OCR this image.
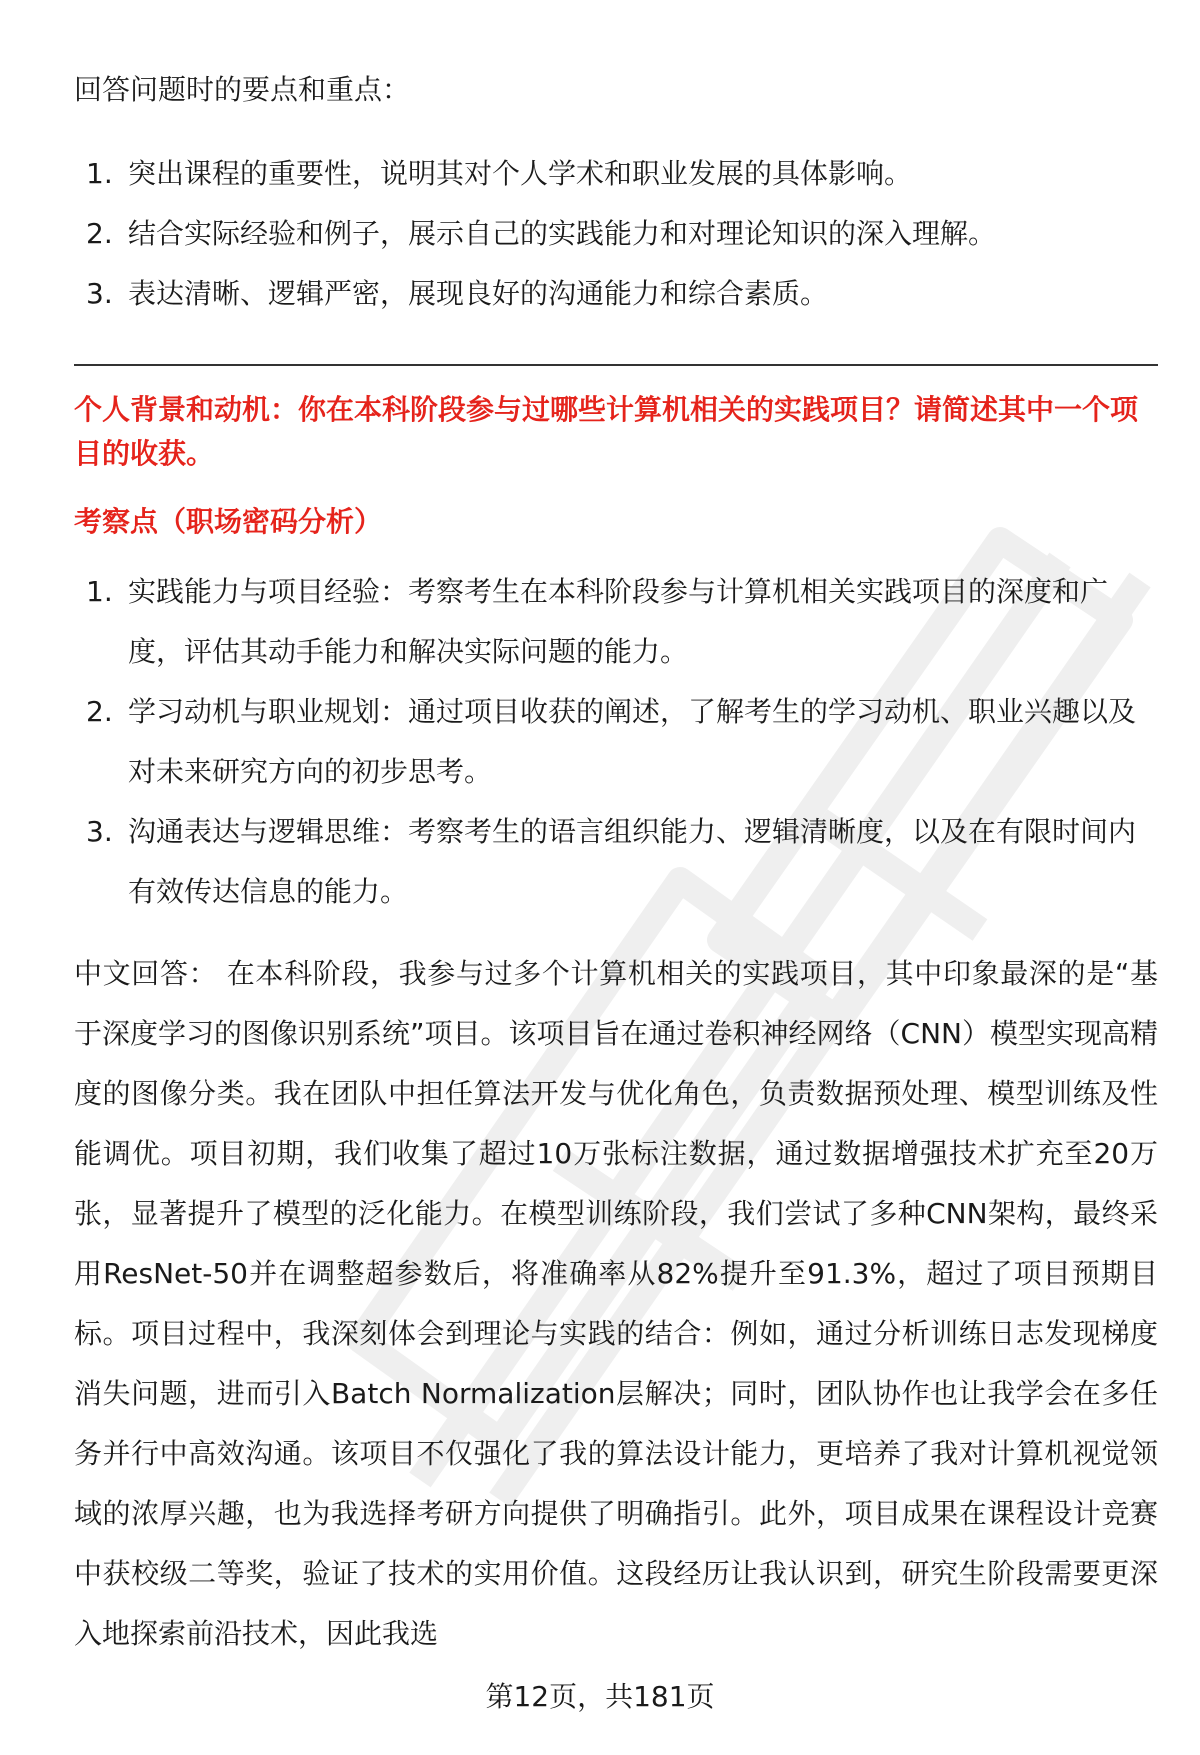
回答问题时的要点和重点：

1. 突出课程的重要性，说明其对个人学术和职业发展的具体影响。
2. 结合实际经验和例子，展示自己的实践能力和对理论知识的深入理解。
3. 表达清晰、逻辑严密，展现良好的沟通能力和综合素质。

个人背景和动机：你在本科阶段参与过哪些计算机相关的实践项目？请简述其中一个项目的收获。

考察点（职场密码分析）

1. 实践能力与项目经验：考察考生在本科阶段参与计算机相关实践项目的深度和广度，评估其动手能力和解决实际问题的能力。
2. 学习动机与职业规划：通过项目收获的阐述，了解考生的学习动机、职业兴趣以及对未来研究方向的初步思考。
3. 沟通表达与逻辑思维：考察考生的语言组织能力、逻辑清晰度，以及在有限时间内有效传达信息的能力。

中文回答： 在本科阶段，我参与过多个计算机相关的实践项目，其中印象最深的是“基于深度学习的图像识别系统”项目。该项目旨在通过卷积神经网络（CNN）模型实现高精度的图像分类。我在团队中担任算法开发与优化角色，负责数据预处理、模型训练及性能调优。项目初期，我们收集了超过10万张标注数据，通过数据增强技术扩充至20万张，显著提升了模型的泛化能力。在模型训练阶段，我们尝试了多种CNN架构，最终采用ResNet-50并在调整超参数后，将准确率从82%提升至91.3%，超过了项目预期目标。项目过程中，我深刻体会到理论与实践的结合：例如，通过分析训练日志发现梯度消失问题，进而引入Batch Normalization层解决；同时，团队协作也让我学会在多任务并行中高效沟通。该项目不仅强化了我的算法设计能力，更培养了我对计算机视觉领域的浓厚兴趣，也为我选择考研方向提供了明确指引。此外，项目成果在课程设计竞赛中获校级二等奖，验证了技术的实用价值。这段经历让我认识到，研究生阶段需要更深入地探索前沿技术，因此我选

第12页，共181页
